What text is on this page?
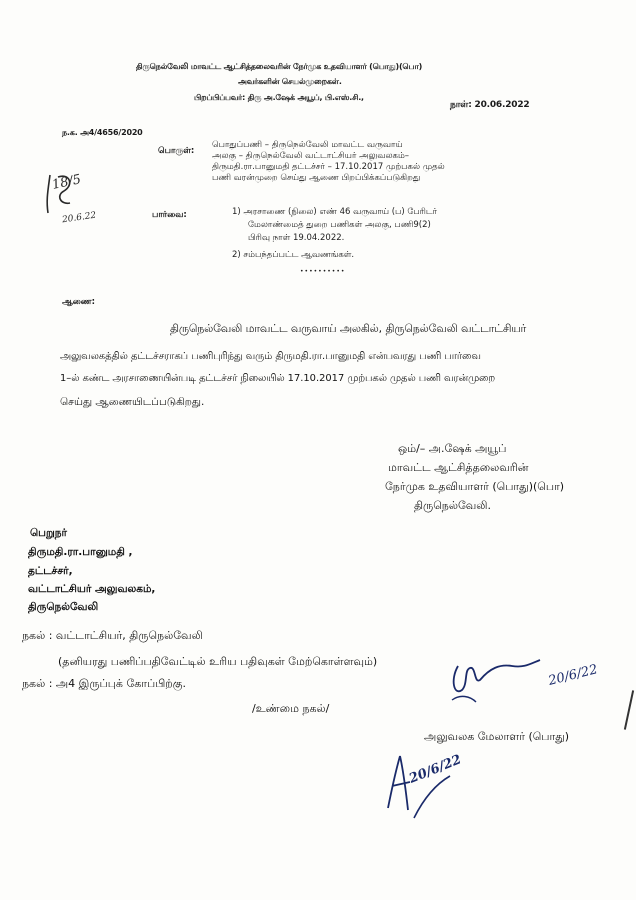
திருநெல்வேலி மாவட்ட ஆட்சித்தலைவரின் நேர்முக உதவியாளர் (பொது)(பொ)
அவர்களின் செயல்முறைகள்.
பிறப்பிப்பவர்: திரு அ.ஷேக் அயூப், பி.எஸ்.சி.,
நாள்: 20.06.2022
ந.க. அ4/4656/2020
பொருள்:
பொதுப்பணி – திருநெல்வேலி மாவட்ட வருவாய்
அலகு – திருநெல்வேலி வட்டாட்சியர் அலுவலகம்–
திருமதி.ரா.பானுமதி தட்டச்சர் – 17.10.2017 முற்பகல் முதல்
பணி வரன்முறை செய்து ஆணை பிறப்பிக்கப்படுகிறது
பார்வை:	1) அரசாணை (நிலை) எண் 46 வருவாய் (ப) பேரிடர்
மேலாண்மைத் துறை பணிகள் அலகு, பணி9(2)
பிரிவு நாள் 19.04.2022.
2) சம்பந்தப்பட்ட ஆவணங்கள்.
••••••••••
ஆணை:
திருநெல்வேலி மாவட்ட வருவாய் அலகில், திருநெல்வேலி வட்டாட்சியர்
அலுவலகத்தில் தட்டச்சராகப் பணிபுரிந்து வரும் திருமதி.ரா.பானுமதி என்பவரது பணி பார்வை
1–ல் கண்ட அரசாணையின்படி தட்டச்சர் நிலையில் 17.10.2017 முற்பகல் முதல் பணி வரன்முறை
செய்து ஆணையிடப்படுகிறது.
ஒம்/– அ.ஷேக் அயூப்
மாவட்ட ஆட்சித்தலைவரின்
நேர்முக உதவியாளர் (பொது)(பொ)
திருநெல்வேலி.
பெறுநர்
திருமதி.ரா.பானுமதி ,
தட்டச்சர்,
வட்டாட்சியர் அலுவலகம்,
திருநெல்வேலி
நகல் : வட்டாட்சியர், திருநெல்வேலி
(தனியரது பணிப்பதிவேட்டில் உரிய பதிவுகள் மேற்கொள்ளவும்)
நகல் : அ4 இருப்புக் கோப்பிற்கு.
/உண்மை நகல்/
அலுவலக மேலாளர் (பொது)
18/5
20.6.22
20/6/22
20/6/22
